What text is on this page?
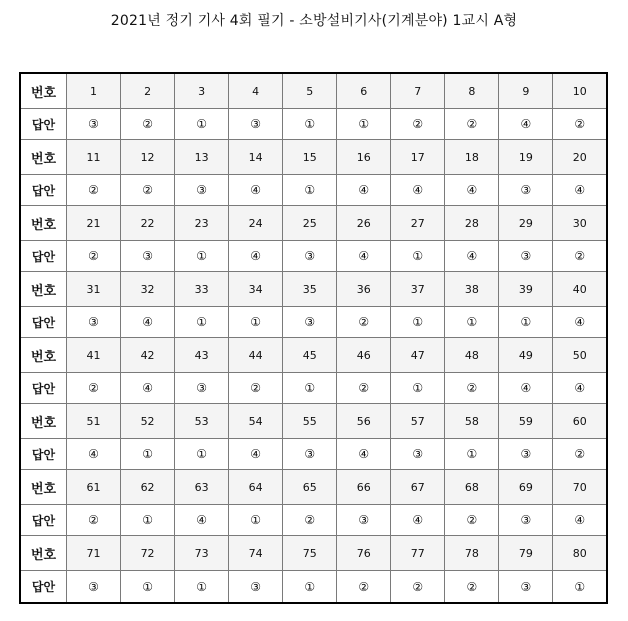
2021년 정기 기사 4회 필기 - 소방설비기사(기계분야) 1교시 A형
번호	1	2	3	4	5	6	7	8	9	10
답안	③	②	①	③	①	①	②	②	④	②
번호	11	12	13	14	15	16	17	18	19	20
답안	②	②	③	④	①	④	④	④	③	④
번호	21	22	23	24	25	26	27	28	29	30
답안	②	③	①	④	③	④	①	④	③	②
번호	31	32	33	34	35	36	37	38	39	40
답안	③	④	①	①	③	②	①	①	①	④
번호	41	42	43	44	45	46	47	48	49	50
답안	②	④	③	②	①	②	①	②	④	④
번호	51	52	53	54	55	56	57	58	59	60
답안	④	①	①	④	③	④	③	①	③	②
번호	61	62	63	64	65	66	67	68	69	70
답안	②	①	④	①	②	③	④	②	③	④
번호	71	72	73	74	75	76	77	78	79	80
답안	③	①	①	③	①	②	②	②	③	①
